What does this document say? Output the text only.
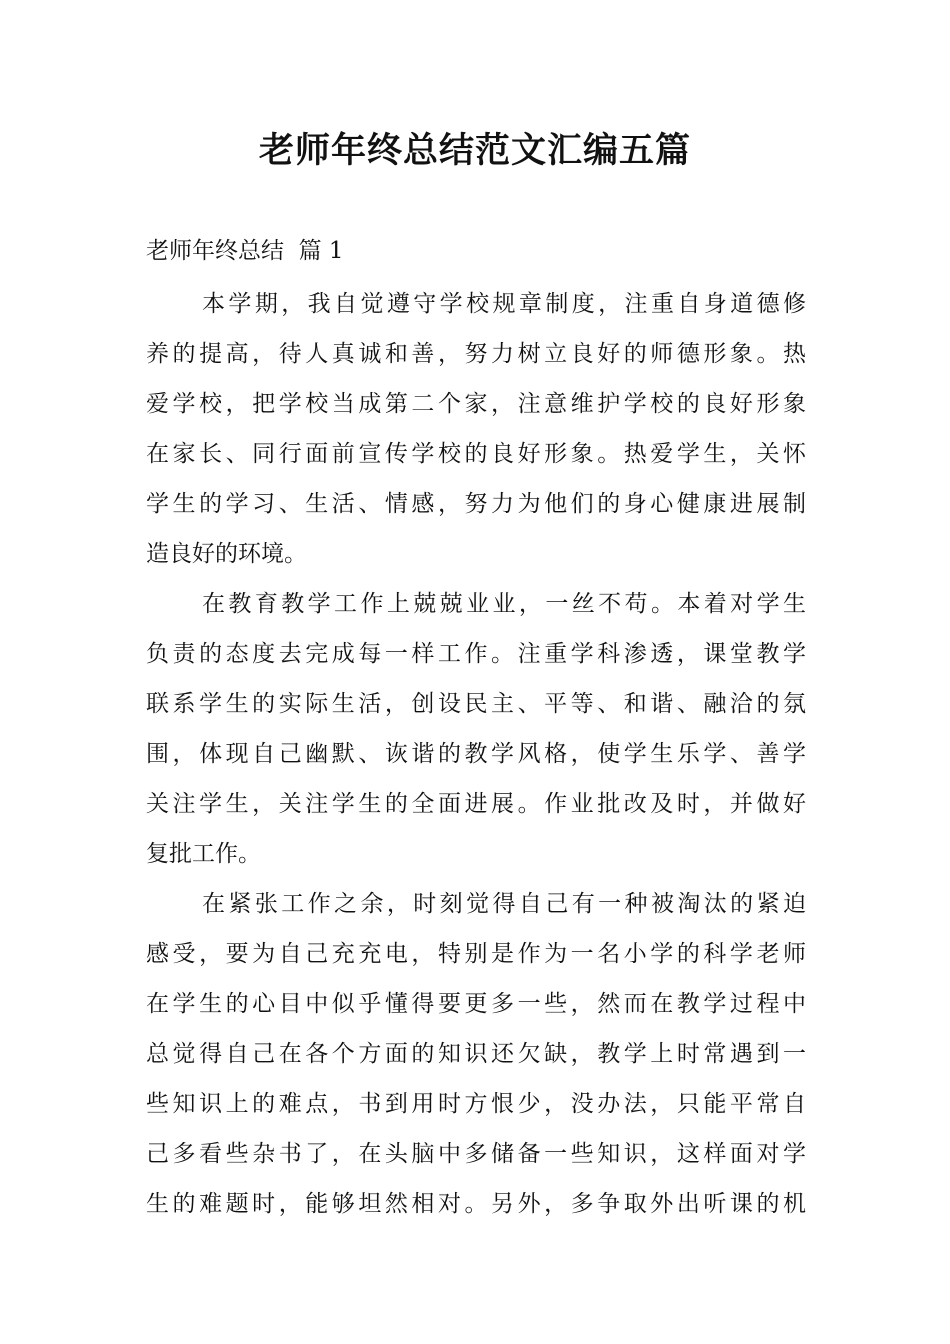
老师年终总结范文汇编五篇
老师年终总结  篇 1
本学期，我自觉遵守学校规章制度，注重自身道德修
养的提高，待人真诚和善，努力树立良好的师德形象。热
爱学校，把学校当成第二个家，注意维护学校的良好形象
在家长、同行面前宣传学校的良好形象。热爱学生，关怀
学生的学习、生活、情感，努力为他们的身心健康进展制
造良好的环境。
在教育教学工作上兢兢业业，一丝不苟。本着对学生
负责的态度去完成每一样工作。注重学科渗透，课堂教学
联系学生的实际生活，创设民主、平等、和谐、融洽的氛
围，体现自己幽默、诙谐的教学风格，使学生乐学、善学
关注学生，关注学生的全面进展。作业批改及时，并做好
复批工作。
在紧张工作之余，时刻觉得自己有一种被淘汰的紧迫
感受，要为自己充充电，特别是作为一名小学的科学老师
在学生的心目中似乎懂得要更多一些，然而在教学过程中
总觉得自己在各个方面的知识还欠缺，教学上时常遇到一
些知识上的难点，书到用时方恨少，没办法，只能平常自
己多看些杂书了，在头脑中多储备一些知识，这样面对学
生的难题时，能够坦然相对。另外，多争取外出听课的机
